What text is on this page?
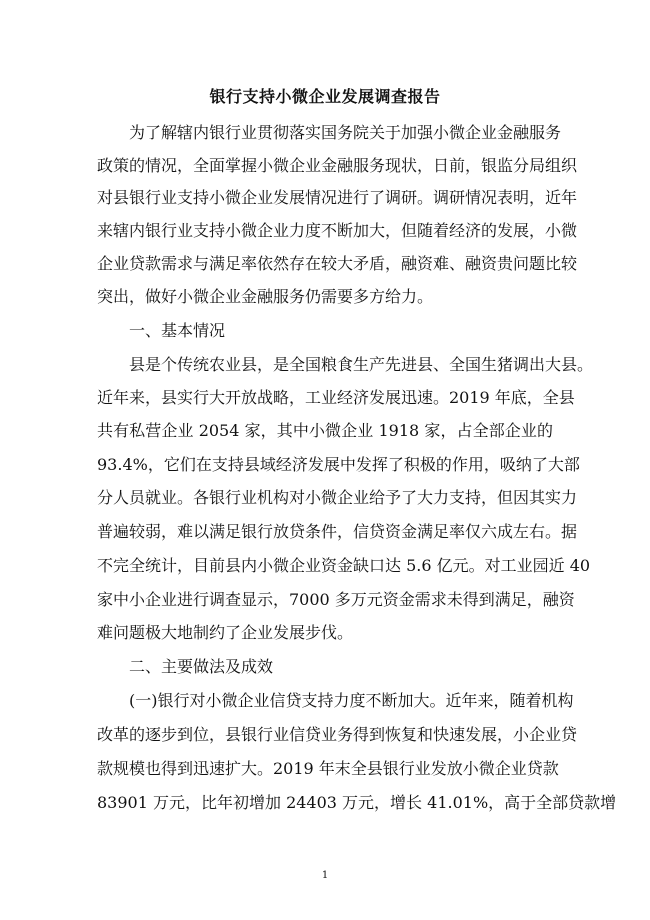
银行支持小微企业发展调查报告
为了解辖内银行业贯彻落实国务院关于加强小微企业金融服务
政策的情况，全面掌握小微企业金融服务现状，日前，银监分局组织
对县银行业支持小微企业发展情况进行了调研。调研情况表明，近年
来辖内银行业支持小微企业力度不断加大，但随着经济的发展，小微
企业贷款需求与满足率依然存在较大矛盾，融资难、融资贵问题比较
突出，做好小微企业金融服务仍需要多方给力。
一、基本情况
县是个传统农业县，是全国粮食生产先进县、全国生猪调出大县。
近年来，县实行大开放战略，工业经济发展迅速。2019 年底，全县
共有私营企业 2054 家，其中小微企业 1918 家，占全部企业的
93.4%，它们在支持县域经济发展中发挥了积极的作用，吸纳了大部
分人员就业。各银行业机构对小微企业给予了大力支持，但因其实力
普遍较弱，难以满足银行放贷条件，信贷资金满足率仅六成左右。据
不完全统计，目前县内小微企业资金缺口达 5.6 亿元。对工业园近 40
家中小企业进行调查显示，7000 多万元资金需求未得到满足，融资
难问题极大地制约了企业发展步伐。
二、主要做法及成效
(一)银行对小微企业信贷支持力度不断加大。近年来，随着机构
改革的逐步到位，县银行业信贷业务得到恢复和快速发展，小企业贷
款规模也得到迅速扩大。2019 年末全县银行业发放小微企业贷款
83901 万元，比年初增加 24403 万元，增长 41.01%，高于全部贷款增
1
